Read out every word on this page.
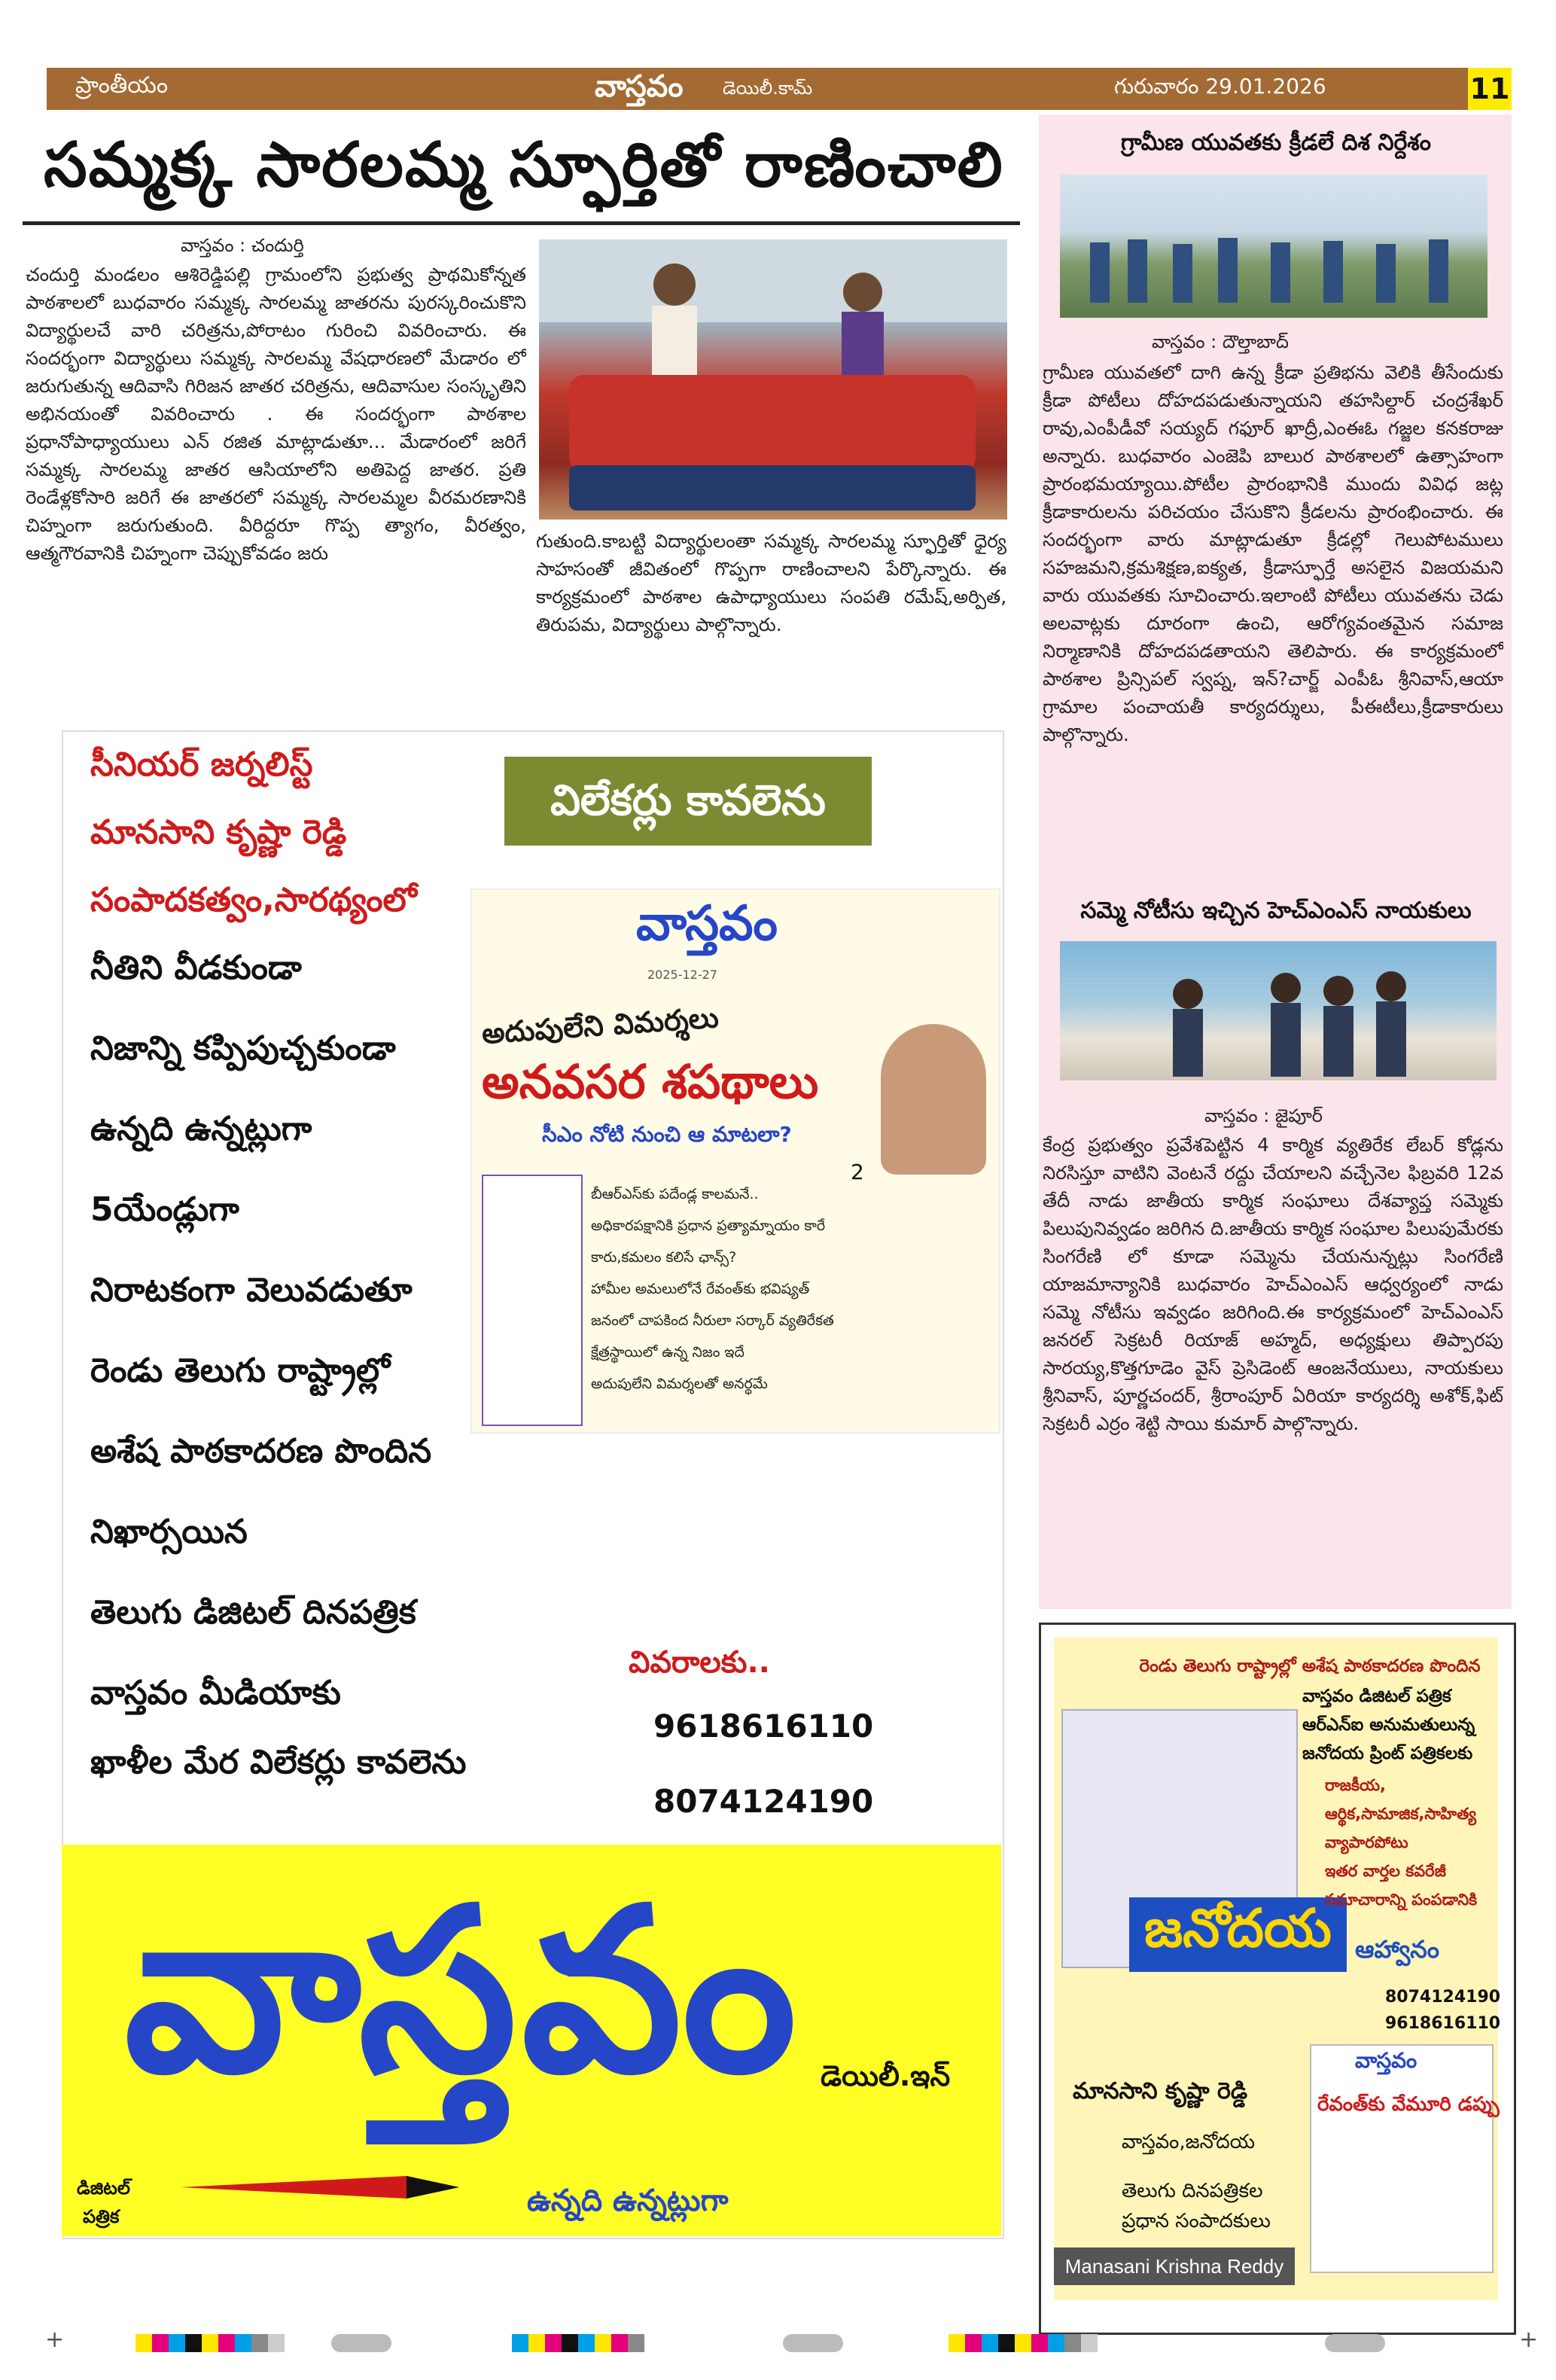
ప్రాంతీయం	వాస్తవం డెయిలీ.కామ్	గురువారం 29.01.2026	11
సమ్మక్క సారలమ్మ స్ఫూర్తితో రాణించాలి
వాస్తవం : చందుర్తి
చందుర్తి మండలం ఆశిరెడ్డిపల్లి గ్రామంలోని ప్రభుత్వ ప్రాథమికోన్నత పాఠశాలలో బుధవారం సమ్మక్క సారలమ్మ జాతరను పురస్కరించుకొని విద్యార్థులచే వారి చరిత్రను,పోరాటం గురించి వివరించారు. ఈ సందర్భంగా విద్యార్థులు సమ్మక్క సారలమ్మ వేషధారణలో మేడారం లో జరుగుతున్న ఆదివాసి గిరిజన జాతర చరిత్రను, ఆదివాసుల సంస్కృతిని అభినయంతో వివరించారు . ఈ సందర్భంగా పాఠశాల ప్రధానోపాధ్యాయులు ఎన్ రజిత మాట్లాడుతూ... మేడారంలో జరిగే సమ్మక్క సారలమ్మ జాతర ఆసియాలోని అతిపెద్ద జాతర. ప్రతి రెండేళ్లకోసారి జరిగే ఈ జాతరలో సమ్మక్క సారలమ్మల వీరమరణానికి చిహ్నంగా జరుగుతుంది. వీరిద్దరూ గొప్ప త్యాగం, వీరత్వం, ఆత్మగౌరవానికి చిహ్నంగా చెప్పుకోవడం జరు
గుతుంది.కాబట్టి విద్యార్థులంతా సమ్మక్క సారలమ్మ స్ఫూర్తితో ధైర్య సాహసంతో జీవితంలో గొప్పగా రాణించాలని పేర్కొన్నారు. ఈ కార్యక్రమంలో పాఠశాల ఉపాధ్యాయులు సంపతి రమేష్,అర్పిత, తిరుపమ, విద్యార్థులు పాల్గొన్నారు.
గ్రామీణ యువతకు క్రీడలే దిశ నిర్దేశం
వాస్తవం : దౌల్తాబాద్
గ్రామీణ యువతలో దాగి ఉన్న క్రీడా ప్రతిభను వెలికి తీసేందుకు క్రీడా పోటీలు దోహదపడుతున్నాయని తహసిల్దార్ చంద్రశేఖర్ రావు,ఎంపీడీవో సయ్యద్ గఫూర్ ఖాద్రీ,ఎంఈఓ గజ్జల కనకరాజు అన్నారు. బుధవారం ఎంజెపి బాలుర పాఠశాలలో ఉత్సాహంగా ప్రారంభమయ్యాయి.పోటీల ప్రారంభానికి ముందు వివిధ జట్ల క్రీడాకారులను పరిచయం చేసుకొని క్రీడలను ప్రారంభించారు. ఈ సందర్భంగా వారు మాట్లాడుతూ క్రీడల్లో గెలుపోటములు సహజమని,క్రమశిక్షణ,ఐక్యత, క్రీడాస్ఫూర్తే అసలైన విజయమని వారు యువతకు సూచించారు.ఇలాంటి పోటీలు యువతను చెడు అలవాట్లకు దూరంగా ఉంచి, ఆరోగ్యవంతమైన సమాజ నిర్మాణానికి దోహదపడతాయని తెలిపారు. ఈ కార్యక్రమంలో పాఠశాల ప్రిన్సిపల్ స్వప్న, ఇన్?చార్జ్ ఎంపీఓ శ్రీనివాస్,ఆయా గ్రామాల పంచాయతీ కార్యదర్శులు, పీఈటీలు,క్రీడాకారులు పాల్గొన్నారు.
సమ్మె నోటీసు ఇచ్చిన హెచ్ఎంఎస్ నాయకులు
వాస్తవం : జైపూర్
కేంద్ర ప్రభుత్వం ప్రవేశపెట్టిన 4 కార్మిక వ్యతిరేక లేబర్ కోడ్లను నిరసిస్తూ వాటిని వెంటనే రద్దు చేయాలని వచ్చేనెల ఫిబ్రవరి 12వ తేదీ నాడు జాతీయ కార్మిక సంఘాలు దేశవ్యాప్త సమ్మెకు పిలుపునివ్వడం జరిగిన ది.జాతీయ కార్మిక సంఘాల పిలుపుమేరకు సింగరేణి లో కూడా సమ్మెను చేయనున్నట్లు సింగరేణి యాజమాన్యానికి బుధవారం హెచ్ఎంఎస్ ఆధ్వర్యంలో నాడు సమ్మె నోటీసు ఇవ్వడం జరిగింది.ఈ కార్యక్రమంలో హెచ్ఎంఎస్ జనరల్ సెక్రటరీ రియాజ్ అహ్మద్, అధ్యక్షులు తిప్పారపు సారయ్య,కొత్తగూడెం వైస్ ప్రెసిడెంట్ ఆంజనేయులు, నాయకులు శ్రీనివాస్, పూర్ణచందర్, శ్రీరాంపూర్ ఏరియా కార్యదర్శి అశోక్,ఫిట్ సెక్రటరీ ఎర్రం శెట్టి సాయి కుమార్ పాల్గొన్నారు.
సీనియర్ జర్నలిస్ట్
మానసాని కృష్ణా రెడ్డి
సంపాదకత్వం,సారథ్యంలో
నీతిని వీడకుండా
నిజాన్ని కప్పిపుచ్చకుండా
ఉన్నది ఉన్నట్లుగా
5యేండ్లుగా
నిరాటకంగా వెలువడుతూ
రెండు తెలుగు రాష్ట్రాల్లో
అశేష పాఠకాదరణ పొందిన
నిఖార్సయిన
తెలుగు డిజిటల్ దినపత్రిక
వాస్తవం మీడియాకు
ఖాళీల మేర విలేకర్లు కావలెను
విలేకర్లు కావలెను
వాస్తవం
2025-12-27
అదుపులేని విమర్శలు
అనవసర శపథాలు
సీఎం నోటి నుంచి ఆ మాటలా?
2
బీఆర్ఎస్‌కు పదేండ్ల కాలమనే..
అధికారపక్షానికి ప్రధాన ప్రత్యామ్నాయం కారే
కారు,కమలం కలిసే ఛాన్స్?
హామీల అమలులోనే రేవంత్‌కు భవిష్యత్
జనంలో చాపకింద నీరులా సర్కార్ వ్యతిరేకత
క్షేత్రస్థాయిలో ఉన్న నిజం ఇదే
అదుపులేని విమర్శలతో అనర్థమే
వివరాలకు..
9618616110
8074124190
వాస్తవం డెయిలీ.ఇన్
ఉన్నది ఉన్నట్లుగా
డిజిటల్
పత్రిక
రెండు తెలుగు రాష్ట్రాల్లో అశేష పాఠకాదరణ పొందిన
వాస్తవం డిజిటల్ పత్రిక
ఆర్ఎన్ఐ అనుమతులున్న
జనోదయ ప్రింట్ పత్రికలకు
జనోదయ
రాజకీయ,
ఆర్థిక,సామాజిక,సాహిత్య
వ్యాపారపోటు
ఇతర వార్తల కవరేజీ
సమాచారాన్ని పంపడానికి
ఆహ్వానం
8074124190
9618616110
మానసాని కృష్ణా రెడ్డి
వాస్తవం,జనోదయ
తెలుగు దినపత్రికల
ప్రధాన సంపాదకులు
వాస్తవం
రేవంత్‌కు వేమూరి డప్పు
Manasani Krishna Reddy
+	+
